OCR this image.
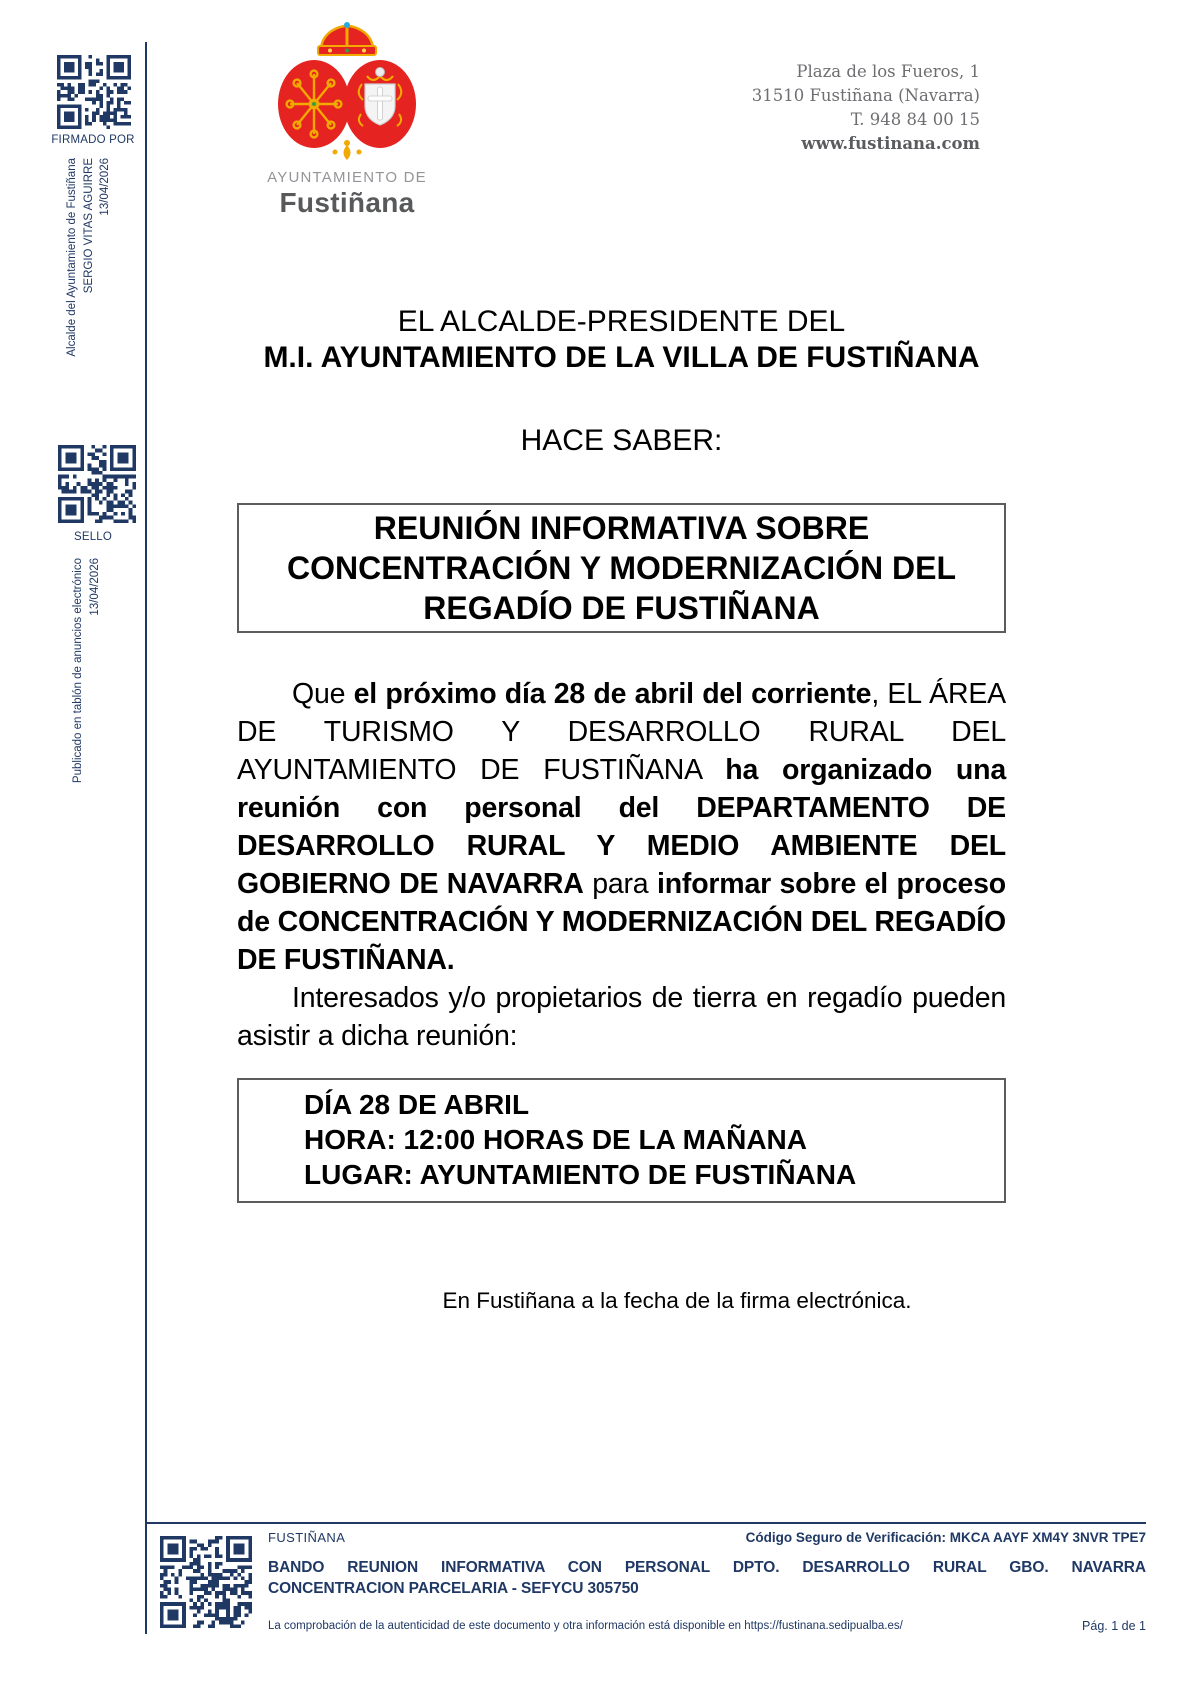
FIRMADO POR
Alcalde del Ayuntamiento de Fustiñana SERGIO VITAS AGUIRRE 13/04/2026
SELLO
Publicado en tablón de anuncios electrónico 13/04/2026
AYUNTAMIENTO DE
Fustiñana
Plaza de los Fueros, 1
31510 Fustiñana (Navarra)
T. 948 84 00 15
www.fustinana.com
EL ALCALDE-PRESIDENTE DEL
M.I. AYUNTAMIENTO DE LA VILLA DE FUSTIÑANA
HACE SABER:
REUNIÓN INFORMATIVA SOBRE
CONCENTRACIÓN Y MODERNIZACIÓN DEL
REGADÍO DE FUSTIÑANA

Que el próximo día 28 de abril del corriente, EL ÁREA DE TURISMO Y DESARROLLO RURAL DEL AYUNTAMIENTO DE FUSTIÑANA ha organizado una reunión con personal del DEPARTAMENTO DE DESARROLLO RURAL Y MEDIO AMBIENTE DEL GOBIERNO DE NAVARRA para informar sobre el proceso de CONCENTRACIÓN Y MODERNIZACIÓN DEL REGADÍO DE FUSTIÑANA.

Interesados y/o propietarios de tierra en regadío pueden asistir a dicha reunión:

DÍA 28 DE ABRIL
HORA: 12:00 HORAS DE LA MAÑANA
LUGAR: AYUNTAMIENTO DE FUSTIÑANA
En Fustiñana a la fecha de la firma electrónica.
FUSTIÑANA	Código Seguro de Verificación: MKCA AAYF XM4Y 3NVR TPE7
BANDO REUNION INFORMATIVA CON PERSONAL DPTO. DESARROLLO RURAL GBO. NAVARRA
CONCENTRACION PARCELARIA - SEFYCU 305750
La comprobación de la autenticidad de este documento y otra información está disponible en https://fustinana.sedipualba.es/	Pág. 1 de 1
